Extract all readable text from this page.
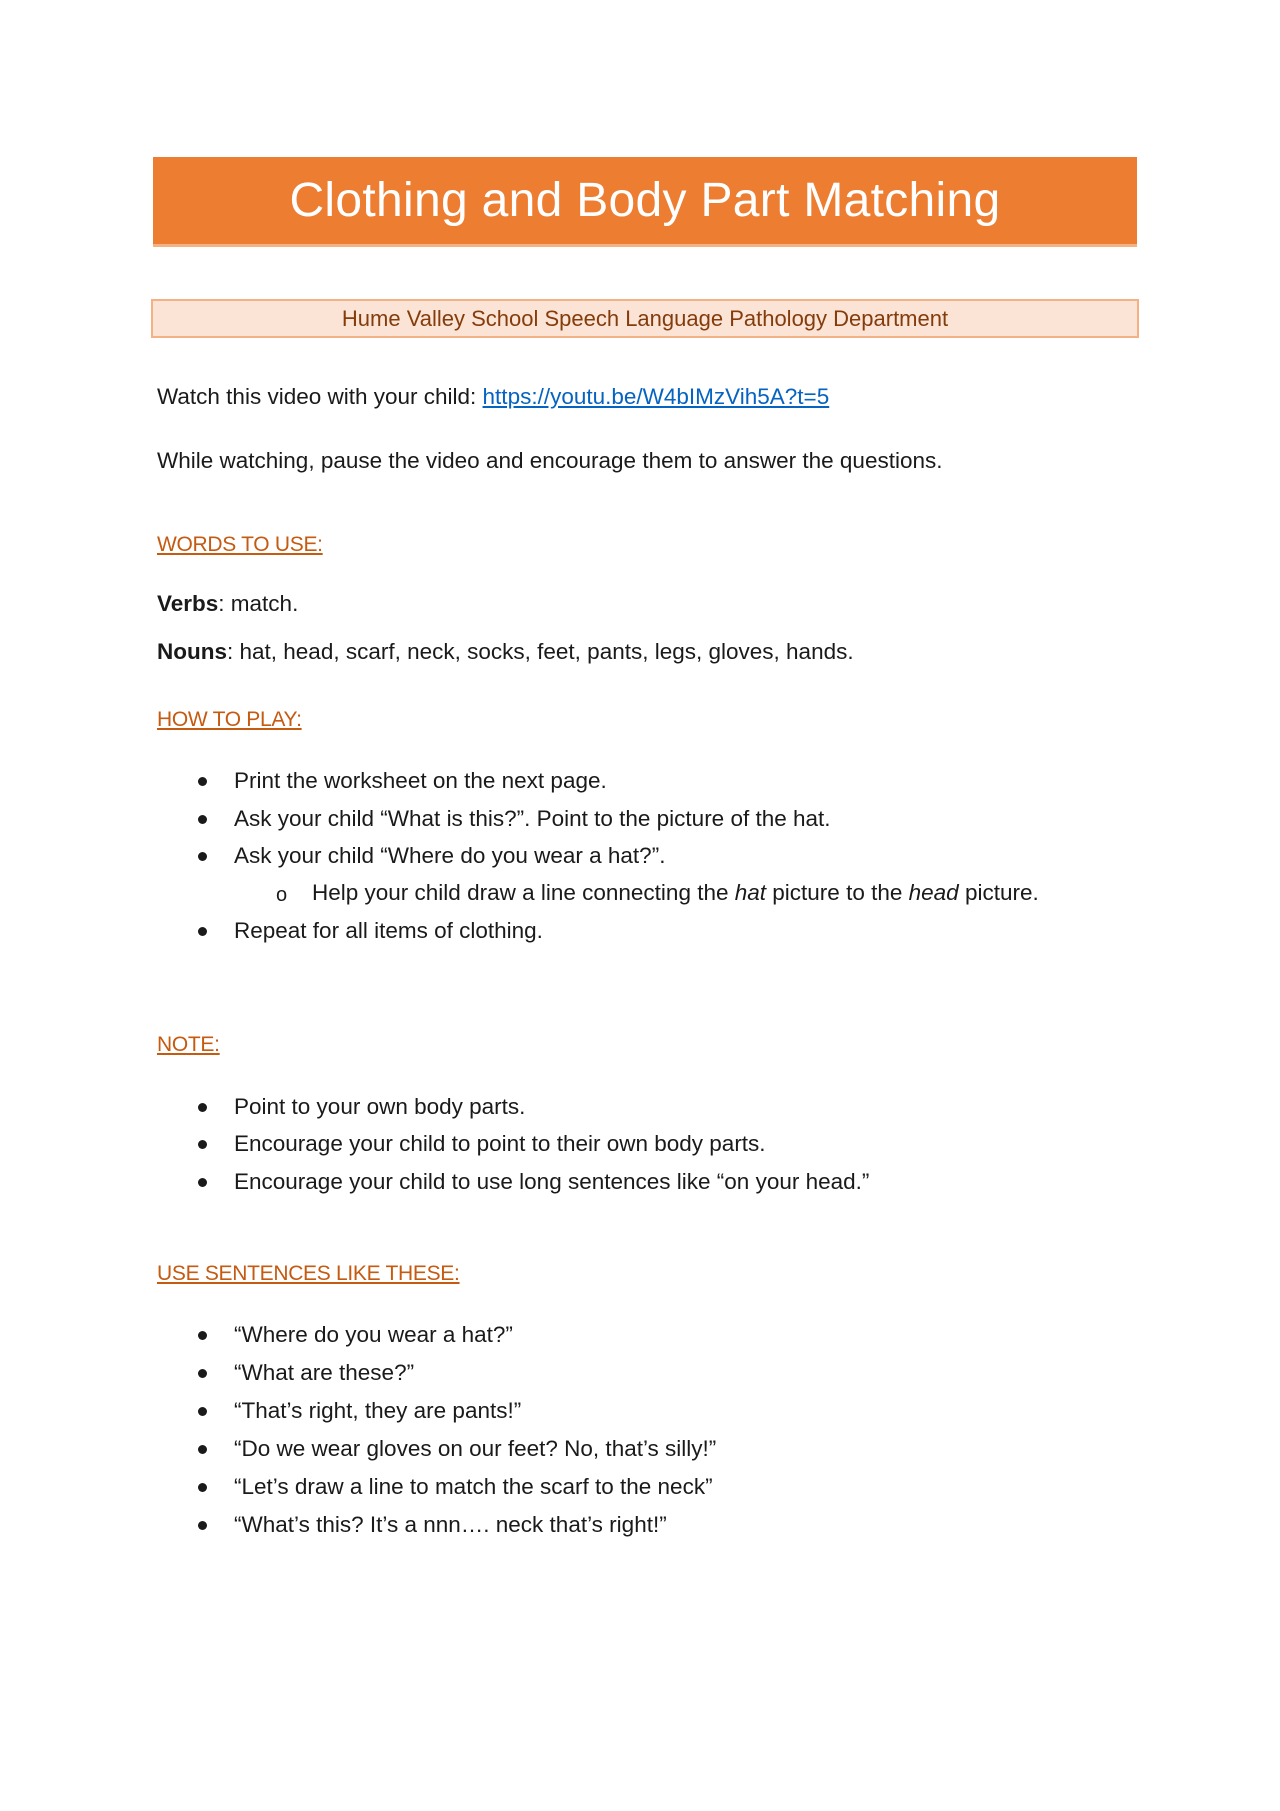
Clothing and Body Part Matching
Hume Valley School Speech Language Pathology Department
Watch this video with your child: https://youtu.be/W4bIMzVih5A?t=5
While watching, pause the video and encourage them to answer the questions.
WORDS TO USE:
Verbs: match.
Nouns: hat, head, scarf, neck, socks, feet, pants, legs, gloves, hands.
HOW TO PLAY:
Print the worksheet on the next page.
Ask your child “What is this?”. Point to the picture of the hat.
Ask your child “Where do you wear a hat?”.
o Help your child draw a line connecting the hat picture to the head picture.
Repeat for all items of clothing.
NOTE:
Point to your own body parts.
Encourage your child to point to their own body parts.
Encourage your child to use long sentences like “on your head.”
USE SENTENCES LIKE THESE:
“Where do you wear a hat?”
“What are these?”
“That’s right, they are pants!”
“Do we wear gloves on our feet? No, that’s silly!”
“Let’s draw a line to match the scarf to the neck”
“What’s this? It’s a nnn…. neck that’s right!”
